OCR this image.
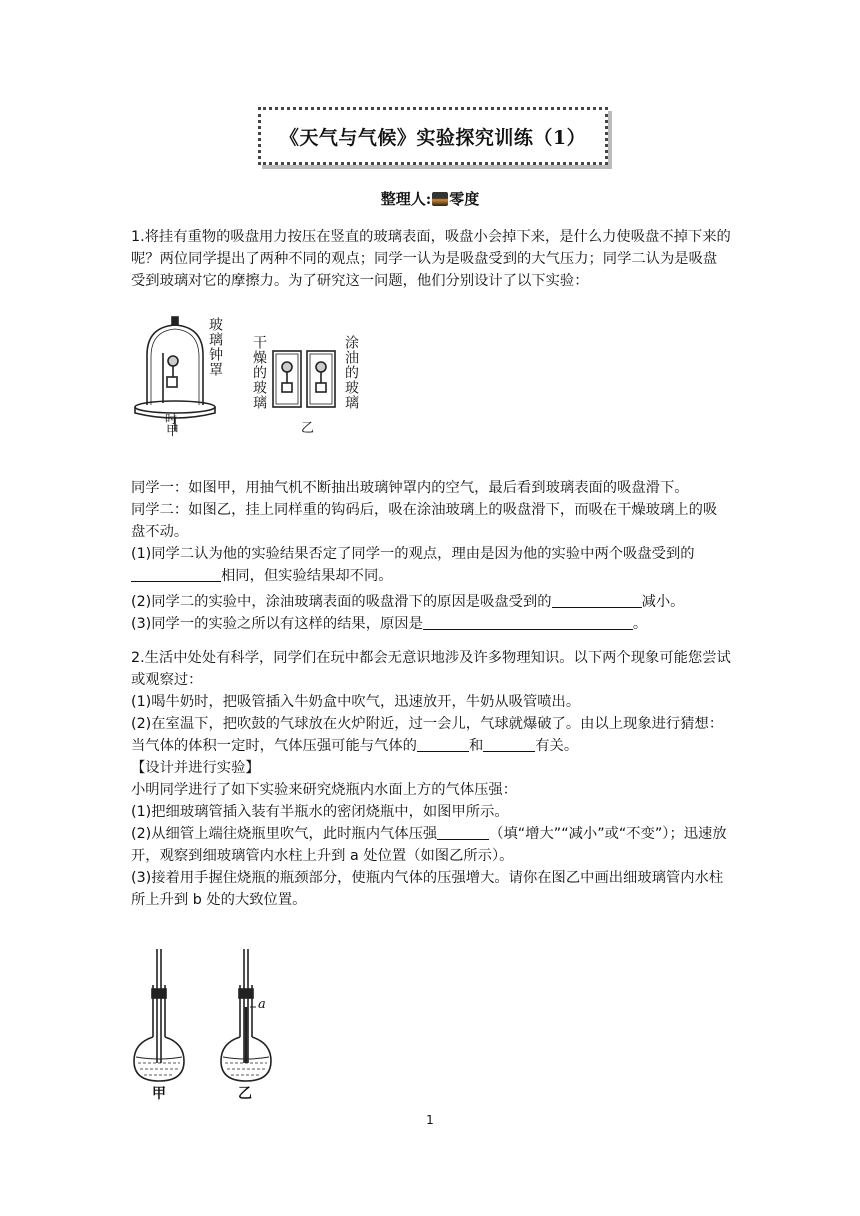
《天气与气候》实验探究训练（1）
整理人: 零度
1.将挂有重物的吸盘用力按压在竖直的玻璃表面，吸盘小会掉下来，是什么力使吸盘不掉下来的呢？两位同学提出了两种不同的观点；同学一认为是吸盘受到的大气压力；同学二认为是吸盘受到玻璃对它的摩擦力。为了研究这一问题，他们分别设计了以下实验：
玻璃钟罩 干燥的玻璃	涂油的玻璃
吋
甲	乙
同学一：如图甲，用抽气机不断抽出玻璃钟罩内的空气，最后看到玻璃表面的吸盘滑下。
同学二：如图乙，挂上同样重的钩码后，吸在涂油玻璃上的吸盘滑下，而吸在干燥玻璃上的吸盘不动。
(1)同学二认为他的实验结果否定了同学一的观点，理由是因为他的实验中两个吸盘受到的相同，但实验结果却不同。
(2)同学二的实验中，涂油玻璃表面的吸盘滑下的原因是吸盘受到的	减小。
(3)同学一的实验之所以有这样的结果，原因是	。
2.生活中处处有科学，同学们在玩中都会无意识地涉及许多物理知识。以下两个现象可能您尝试或观察过：
(1)喝牛奶时，把吸管插入牛奶盒中吹气，迅速放开，牛奶从吸管喷出。
(2)在室温下，把吹鼓的气球放在火炉附近，过一会儿，气球就爆破了。由以上现象进行猜想：当气体的体积一定时，气体压强可能与气体的	和	有关。
【设计并进行实验】
小明同学进行了如下实验来研究烧瓶内水面上方的气体压强：
(1)把细玻璃管插入装有半瓶水的密闭烧瓶中，如图甲所示。
(2)从细管上端往烧瓶里吹气，此时瓶内气体压强	（填“增大”“减小”或“不变”）；迅速放开，观察到细玻璃管内水柱上升到 a 处位置（如图乙所示）。
(3)接着用手握住烧瓶的瓶颈部分，使瓶内气体的压强增大。请你在图乙中画出细玻璃管内水柱所上升到 b 处的大致位置。
a
甲	乙
1
